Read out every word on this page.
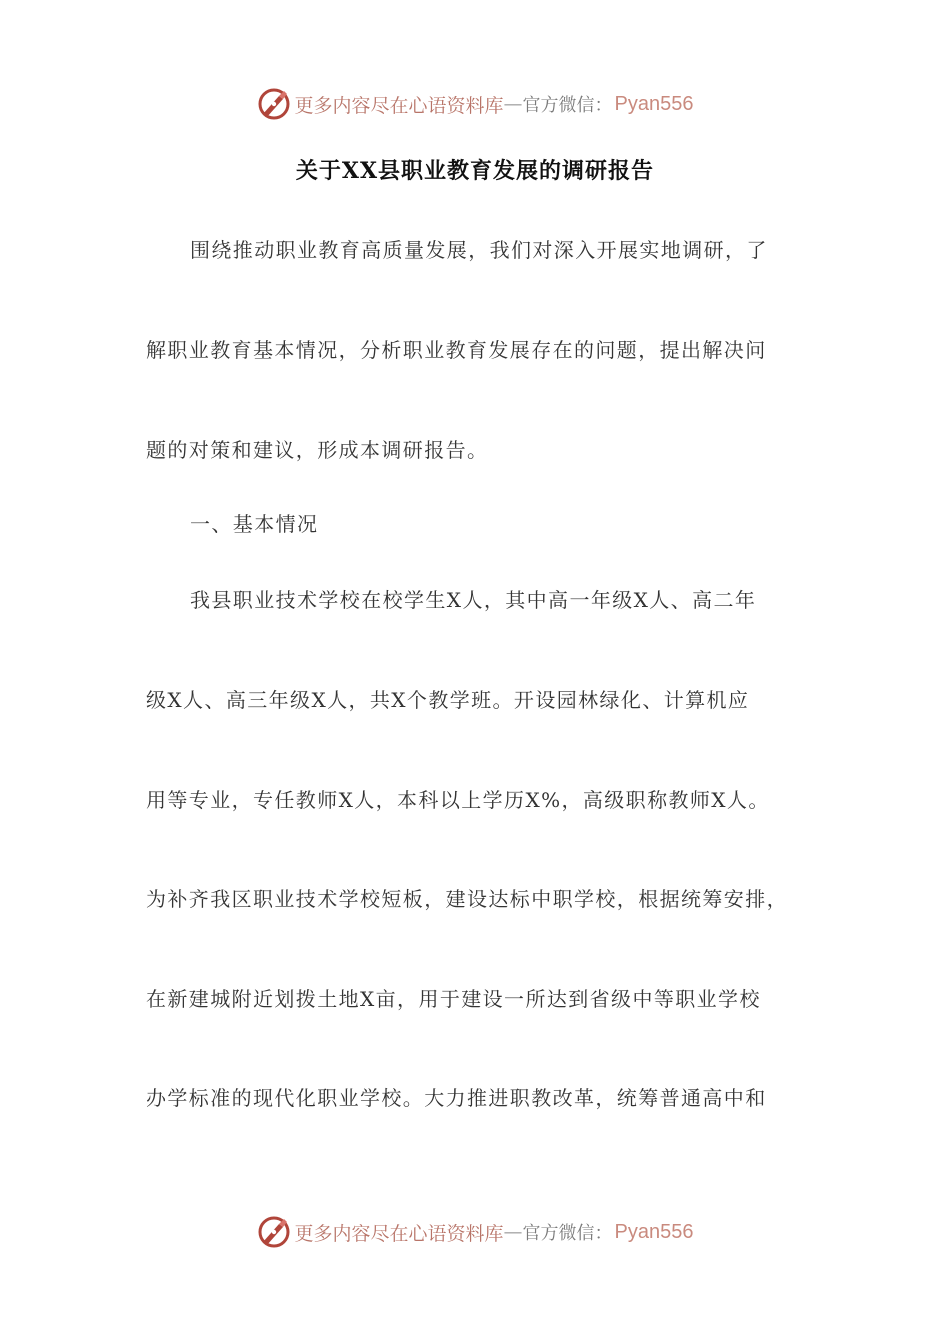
更多内容尽在心语资料库 — 官方微信： Pyan556
关于XX县职业教育发展的调研报告
围绕推动职业教育高质量发展，我们对深入开展实地调研，了
解职业教育基本情况，分析职业教育发展存在的问题，提出解决问
题的对策和建议，形成本调研报告。
一、基本情况
我县职业技术学校在校学生X人，其中高一年级X人、高二年
级X人、高三年级X人，共X个教学班。开设园林绿化、计算机应
用等专业，专任教师X人，本科以上学历X%，高级职称教师X人。
为补齐我区职业技术学校短板，建设达标中职学校，根据统筹安排，
在新建城附近划拨土地X亩，用于建设一所达到省级中等职业学校
办学标准的现代化职业学校。大力推进职教改革，统筹普通高中和
更多内容尽在心语资料库 — 官方微信： Pyan556
